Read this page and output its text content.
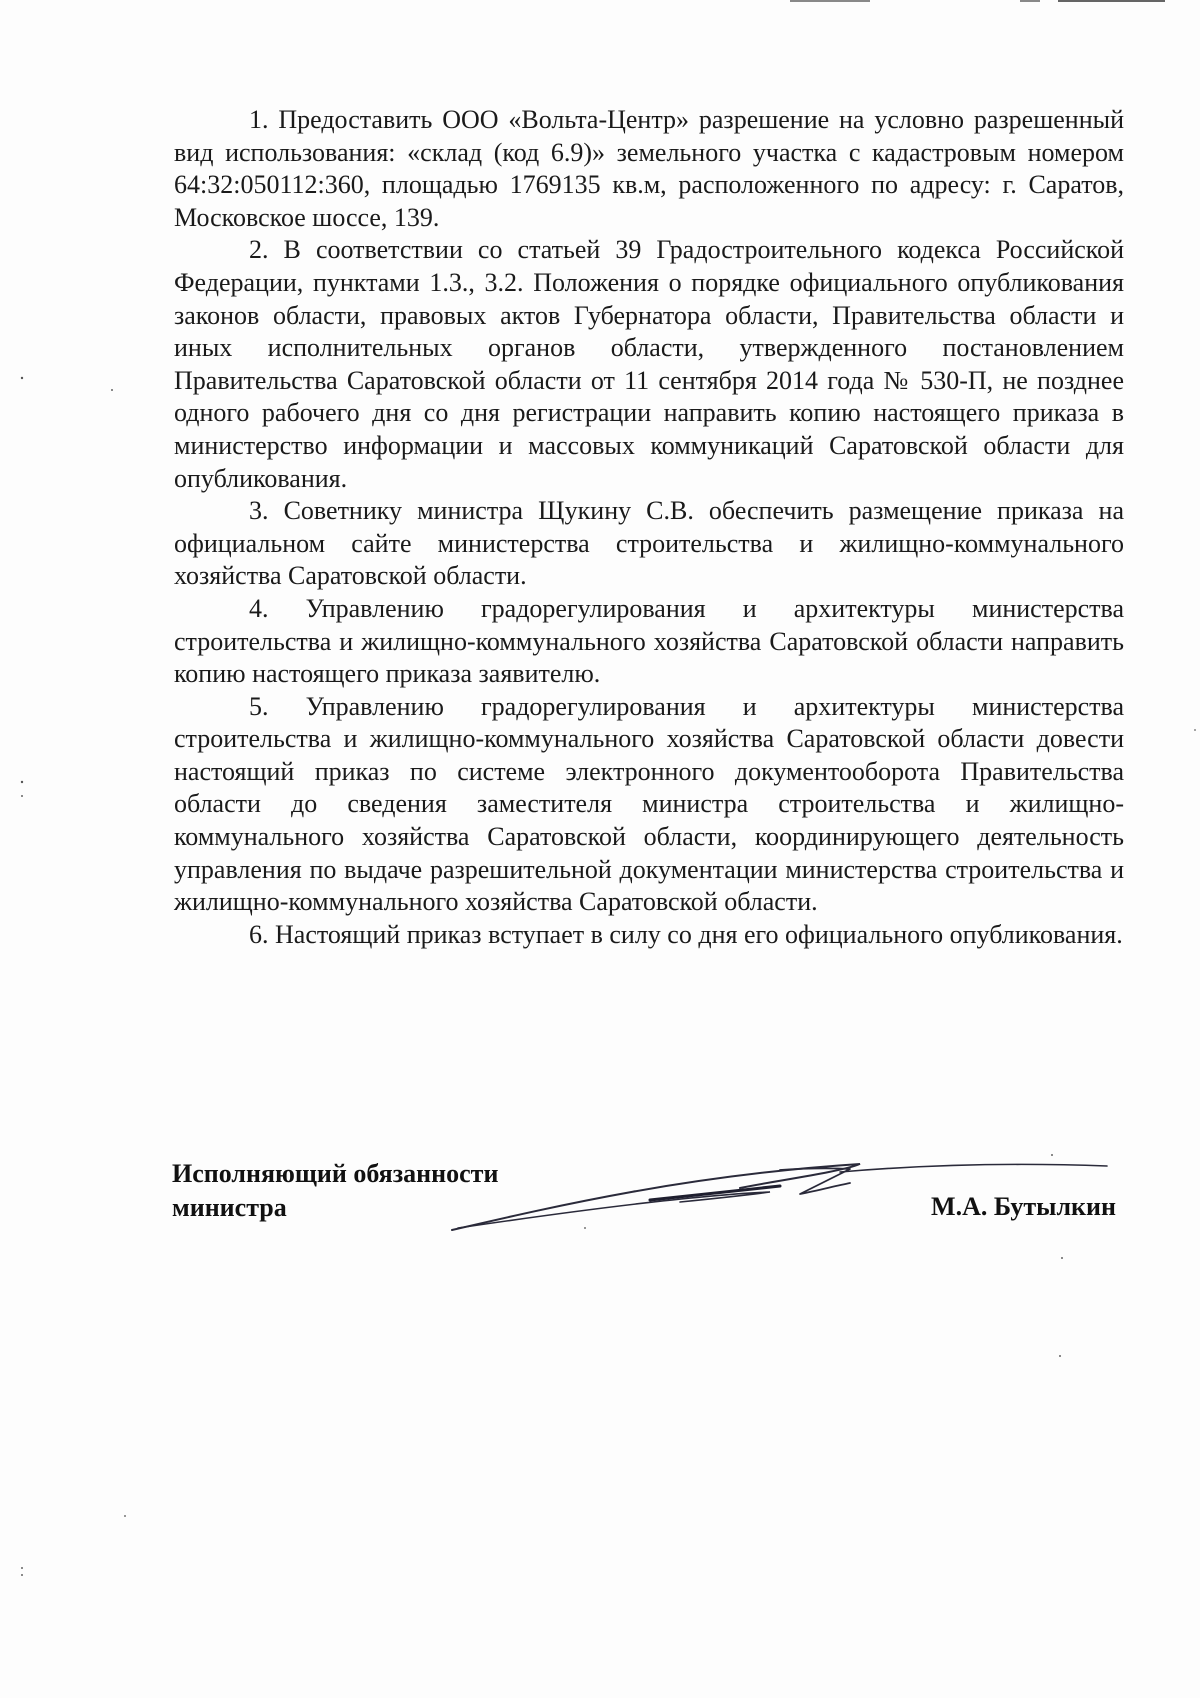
1. Предоставить ООО «Вольта-Центр» разрешение на условно разрешенный вид использования: «склад (код 6.9)» земельного участка с кадастровым номером 64:32:050112:360, площадью 1769135 кв.м, расположенного по адресу: г. Саратов, Московское шоссе, 139.

2. В соответствии со статьей 39 Градостроительного кодекса Российской Федерации, пунктами 1.3., 3.2. Положения о порядке официального опубликования законов области, правовых актов Губернатора области, Правительства области и иных исполнительных органов области, утвержденного постановлением Правительства Саратовской области от 11 сентября 2014 года № 530-П, не позднее одного рабочего дня со дня регистрации направить копию настоящего приказа в министерство информации и массовых коммуникаций Саратовской области для опубликования.

3. Советнику министра Щукину С.В. обеспечить размещение приказа на официальном сайте министерства строительства и жилищно-коммунального хозяйства Саратовской области.

4. Управлению градорегулирования и архитектуры министерства строительства и жилищно-коммунального хозяйства Саратовской области направить копию настоящего приказа заявителю.

5. Управлению градорегулирования и архитектуры министерства строительства и жилищно-коммунального хозяйства Саратовской области довести настоящий приказ по системе электронного документооборота Правительства области до сведения заместителя министра строительства и жилищно-коммунального хозяйства Саратовской области, координирующего деятельность управления по выдаче разрешительной документации министерства строительства и жилищно-коммунального хозяйства Саратовской области.

6. Настоящий приказ вступает в силу со дня его официального опубликования.

Исполняющий обязанности
министра	М.А. Бутылкин
